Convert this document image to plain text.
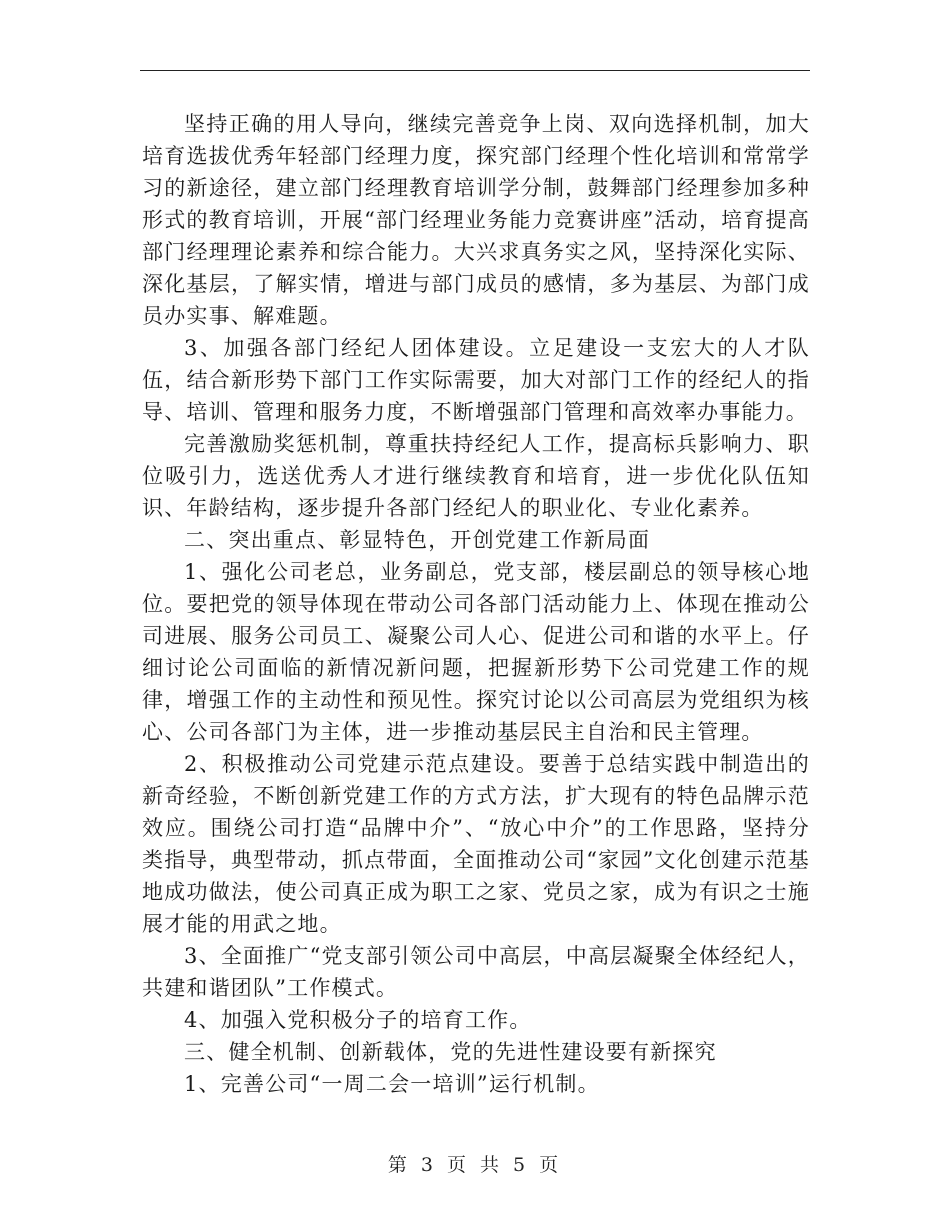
坚持正确的用人导向，继续完善竞争上岗、双向选择机制，加大培育选拔优秀年轻部门经理力度，探究部门经理个性化培训和常常学习的新途径，建立部门经理教育培训学分制，鼓舞部门经理参加多种形式的教育培训，开展“部门经理业务能力竞赛讲座”活动，培育提高部门经理理论素养和综合能力。大兴求真务实之风，坚持深化实际、深化基层，了解实情，增进与部门成员的感情，多为基层、为部门成员办实事、解难题。

3、加强各部门经纪人团体建设。立足建设一支宏大的人才队伍，结合新形势下部门工作实际需要，加大对部门工作的经纪人的指导、培训、管理和服务力度，不断增强部门管理和高效率办事能力。

完善激励奖惩机制，尊重扶持经纪人工作，提高标兵影响力、职位吸引力，选送优秀人才进行继续教育和培育，进一步优化队伍知识、年龄结构，逐步提升各部门经纪人的职业化、专业化素养。

二、突出重点、彰显特色，开创党建工作新局面

1、强化公司老总，业务副总，党支部，楼层副总的领导核心地位。要把党的领导体现在带动公司各部门活动能力上、体现在推动公司进展、服务公司员工、凝聚公司人心、促进公司和谐的水平上。仔细讨论公司面临的新情况新问题，把握新形势下公司党建工作的规律，增强工作的主动性和预见性。探究讨论以公司高层为党组织为核心、公司各部门为主体，进一步推动基层民主自治和民主管理。

2、积极推动公司党建示范点建设。要善于总结实践中制造出的新奇经验，不断创新党建工作的方式方法，扩大现有的特色品牌示范效应。围绕公司打造“品牌中介”、“放心中介”的工作思路，坚持分类指导，典型带动，抓点带面，全面推动公司“家园”文化创建示范基地成功做法，使公司真正成为职工之家、党员之家，成为有识之士施展才能的用武之地。

3、全面推广“党支部引领公司中高层，中高层凝聚全体经纪人，共建和谐团队”工作模式。

4、加强入党积极分子的培育工作。

三、健全机制、创新载体，党的先进性建设要有新探究

1、完善公司“一周二会一培训”运行机制。

第 3 页 共 5 页
